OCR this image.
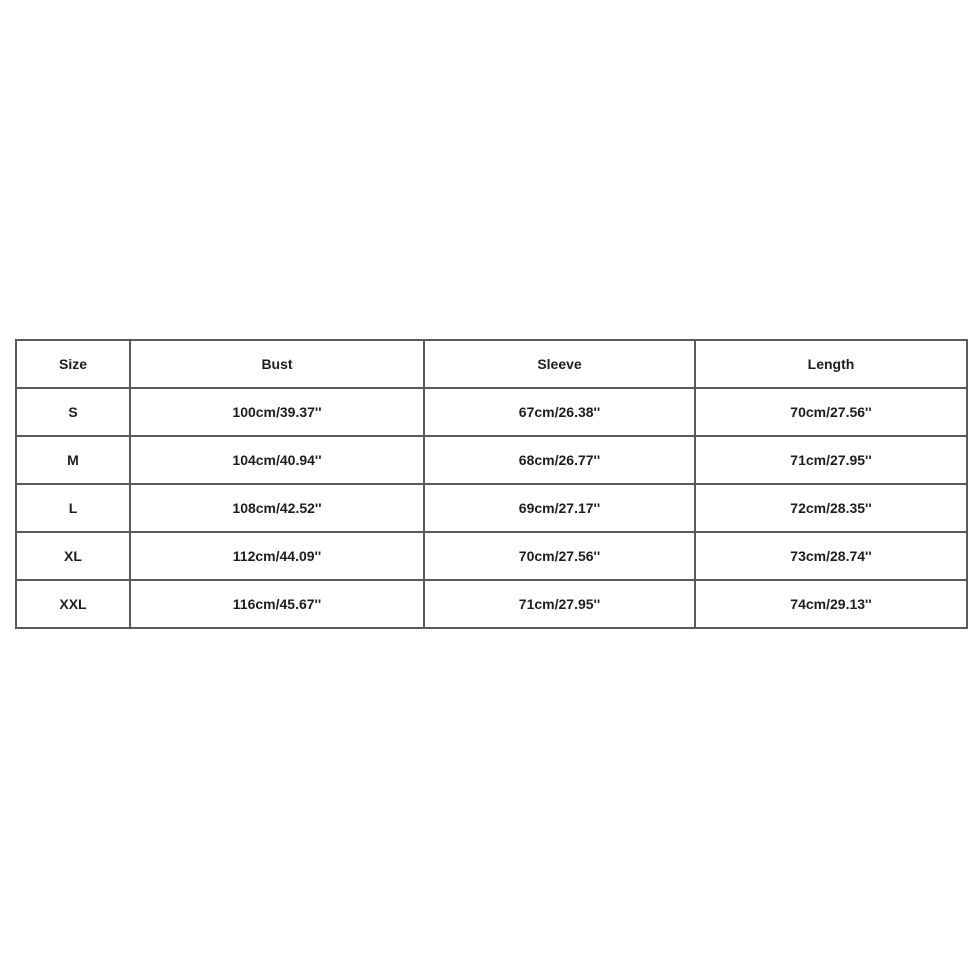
Size	Bust	Sleeve	Length
S	100cm/39.37''	67cm/26.38''	70cm/27.56''
M	104cm/40.94''	68cm/26.77''	71cm/27.95''
L	108cm/42.52''	69cm/27.17''	72cm/28.35''
XL	112cm/44.09''	70cm/27.56''	73cm/28.74''
XXL	116cm/45.67''	71cm/27.95''	74cm/29.13''
